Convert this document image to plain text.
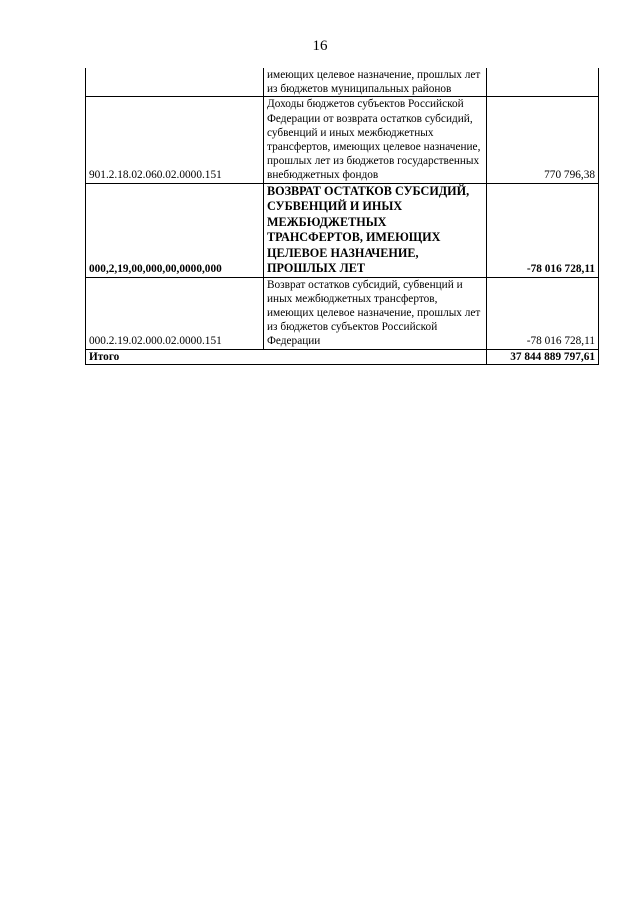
16
	имеющих целевое назначение, прошлых лет из бюджетов муниципальных районов	
901.2.18.02.060.02.0000.151	Доходы бюджетов субъектов Российской Федерации от возврата остатков субсидий, субвенций и иных межбюджетных трансфертов, имеющих целевое назначение, прошлых лет из бюджетов государственных внебюджетных фондов	770 796,38
000,2,19,00,000,00,0000,000	ВОЗВРАТ ОСТАТКОВ СУБСИДИЙ, СУБВЕНЦИЙ И ИНЫХ МЕЖБЮДЖЕТНЫХ ТРАНСФЕРТОВ, ИМЕЮЩИХ ЦЕЛЕВОЕ НАЗНАЧЕНИЕ, ПРОШЛЫХ ЛЕТ	-78 016 728,11
000.2.19.02.000.02.0000.151	Возврат остатков субсидий, субвенций и иных межбюджетных трансфертов, имеющих целевое назначение, прошлых лет из бюджетов субъектов Российской Федерации	-78 016 728,11
Итого		37 844 889 797,61
